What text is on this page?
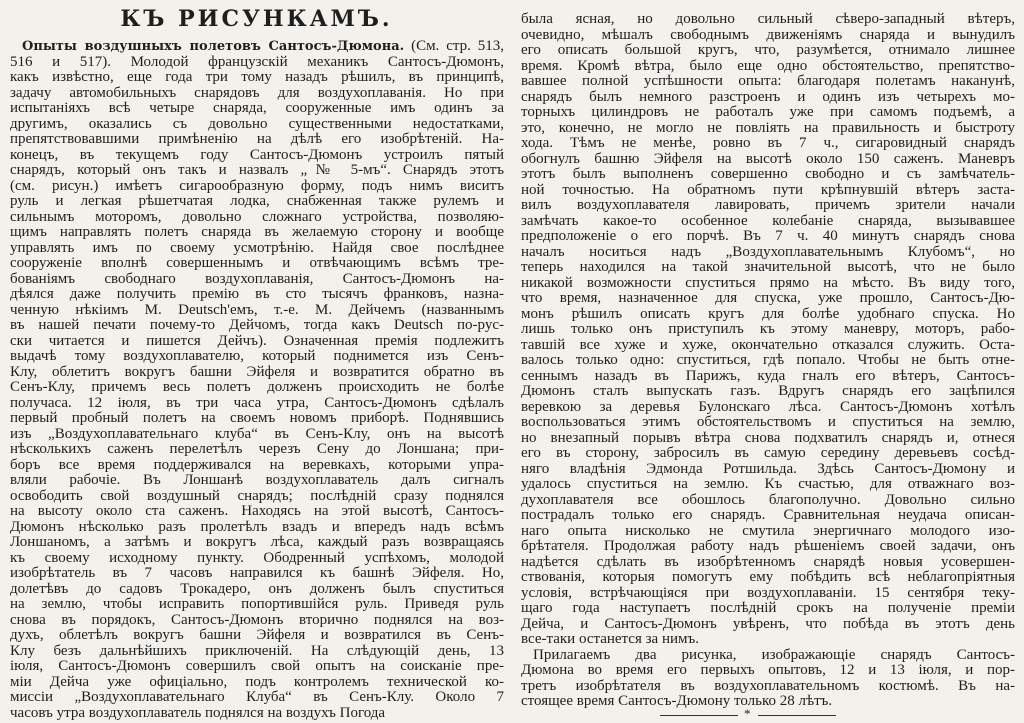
КЪ РИСУНКАМЪ.
Опыты воздушныхъ полетовъ Сантосъ-Дюмона. (См. стр. 513,
516 и 517). Молодой французскій механикъ Сантосъ-Дюмонъ,
какъ извѣстно, еще года три тому назадъ рѣшилъ, въ принципѣ,
задачу автомобильныхъ снарядовъ для воздухоплаванія. Но при
испытаніяхъ всѣ четыре снаряда, сооруженные имъ одинъ за
другимъ, оказались съ довольно существенными недостатками,
препятствовавшими примѣненію на дѣлѣ его изобрѣтеній. На-
конецъ, въ текущемъ году Сантосъ-Дюмонъ устроилъ пятый
снарядъ, который онъ такъ и назвалъ „№ 5-мъ“. Снарядъ этотъ
(см. рисун.) имѣетъ сигарообразную форму, подъ нимъ виситъ
руль и легкая рѣшетчатая лодка, снабженная также рулемъ и
сильнымъ моторомъ, довольно сложнаго устройства, позволяю-
щимъ направлять полетъ снаряда въ желаемую сторону и вообще
управлять имъ по своему усмотрѣнію. Найдя свое послѣднее
сооруженіе вполнѣ совершеннымъ и отвѣчающимъ всѣмъ тре-
бованіямъ свободнаго воздухоплаванія, Сантосъ-Дюмонъ на-
дѣялся даже получить премію въ сто тысячъ франковъ, назна-
ченную нѣкіимъ M. Deutsch'емъ, т.-е. М. Дейчемъ (названнымъ
въ нашей печати почему-то Дейчомъ, тогда какъ Deutsch по-рус-
ски читается и пишется Дейчъ). Означенная премія подлежитъ
выдачѣ тому воздухоплавателю, который поднимется изъ Сенъ-
Клу, облетитъ вокругъ башни Эйфеля и возвратится обратно въ
Сенъ-Клу, причемъ весь полетъ долженъ происходить не болѣе
получаса. 12 іюля, въ три часа утра, Сантосъ-Дюмонъ сдѣлалъ
первый пробный полетъ на своемъ новомъ приборѣ. Поднявшись
изъ „Воздухоплавательнаго клуба“ въ Сенъ-Клу, онъ на высотѣ
нѣсколькихъ саженъ перелетѣлъ черезъ Сену до Лоншана; при-
боръ все время поддерживался на веревкахъ, которыми упра-
вляли рабочіе. Въ Лоншанѣ воздухоплаватель далъ сигналъ
освободить свой воздушный снарядъ; послѣдній сразу поднялся
на высоту около ста саженъ. Находясь на этой высотѣ, Сантосъ-
Дюмонъ нѣсколько разъ пролетѣлъ взадъ и впередъ надъ всѣмъ
Лоншаномъ, а затѣмъ и вокругъ лѣса, каждый разъ возвращаясь
къ своему исходному пункту. Ободренный успѣхомъ, молодой
изобрѣтатель въ 7 часовъ направился къ башнѣ Эйфеля. Но,
долетѣвъ до садовъ Трокадеро, онъ долженъ былъ спуститься
на землю, чтобы исправить попортившійся руль. Приведя руль
снова въ порядокъ, Сантосъ-Дюмонъ вторично поднялся на воз-
духъ, облетѣлъ вокругъ башни Эйфеля и возвратился въ Сенъ-
Клу безъ дальнѣйшихъ приключеній. На слѣдующій день, 13
іюля, Сантосъ-Дюмонъ совершилъ свой опытъ на соисканіе пре-
міи Дейча уже офиціально, подъ контролемъ технической ко-
миссіи „Воздухоплавательнаго Клуба“ въ Сенъ-Клу. Около 7
часовъ утра воздухоплаватель поднялся на воздухъ Погода
была ясная, но довольно сильный сѣверо-западный вѣтеръ,
очевидно, мѣшалъ свободнымъ движеніямъ снаряда и вынудилъ
его описать большой кругъ, что, разумѣется, отнимало лишнее
время. Кромѣ вѣтра, было еще одно обстоятельство, препятство-
вавшее полной успѣшности опыта: благодаря полетамъ наканунѣ,
снарядъ былъ немного разстроенъ и одинъ изъ четырехъ мо-
торныхъ цилиндровъ не работалъ уже при самомъ подъемѣ, а
это, конечно, не могло не повліять на правильность и быстроту
хода. Тѣмъ не менѣе, ровно въ 7 ч., сигаровидный снарядъ
обогнулъ башню Эйфеля на высотѣ около 150 саженъ. Маневръ
этотъ былъ выполненъ совершенно свободно и съ замѣчатель-
ной точностью. На обратномъ пути крѣпнувшій вѣтеръ заста-
вилъ воздухоплавателя лавировать, причемъ зрители начали
замѣчать какое-то особенное колебаніе снаряда, вызывавшее
предположеніе о его порчѣ. Въ 7 ч. 40 минутъ снарядъ снова
началъ носиться надъ „Воздухоплавательнымъ Клубомъ“, но
теперь находился на такой значительной высотѣ, что не было
никакой возможности спуститься прямо на мѣсто. Въ виду того,
что время, назначенное для спуска, уже прошло, Сантосъ-Дю-
монъ рѣшилъ описать кругъ для болѣе удобнаго спуска. Но
лишь только онъ приступилъ къ этому маневру, моторъ, рабо-
тавшій все хуже и хуже, окончательно отказался служить. Оста-
валось только одно: спуститься, гдѣ попало. Чтобы не быть отне-
сеннымъ назадъ въ Парижъ, куда гналъ его вѣтеръ, Сантосъ-
Дюмонъ сталъ выпускать газъ. Вдругъ снарядъ его зацѣпился
веревкою за деревья Булонскаго лѣса. Сантосъ-Дюмонъ хотѣлъ
воспользоваться этимъ обстоятельствомъ и спуститься на землю,
но внезапный порывъ вѣтра снова подхватилъ снарядъ и, отнеся
его въ сторону, забросилъ въ самую середину деревьевъ сосѣд-
няго владѣнія Эдмонда Ротшильда. Здѣсь Сантосъ-Дюмону и
удалось спуститься на землю. Къ счастью, для отважнаго воз-
духоплавателя все обошлось благополучно. Довольно сильно
пострадалъ только его снарядъ. Сравнительная неудача описан-
наго опыта нисколько не смутила энергичнаго молодого изо-
брѣтателя. Продолжая работу надъ рѣшеніемъ своей задачи, онъ
надѣется сдѣлать въ изобрѣтенномъ снарядѣ новыя усовершен-
ствованія, которыя помогутъ ему побѣдить всѣ неблагопріятныя
условія, встрѣчающіяся при воздухоплаваніи. 15 сентября теку-
щаго года наступаетъ послѣдній срокъ на полученіе преміи
Дейча, и Сантосъ-Дюмонъ увѣренъ, что побѣда въ этотъ день
все-таки останется за нимъ.
Прилагаемъ два рисунка, изображающіе снарядъ Сантосъ-
Дюмона во время его первыхъ опытовъ, 12 и 13 іюля, и пор-
третъ изобрѣтателя въ воздухоплавательномъ костюмѣ. Въ на-
стоящее время Сантосъ-Дюмону только 28 лѣтъ.
*
